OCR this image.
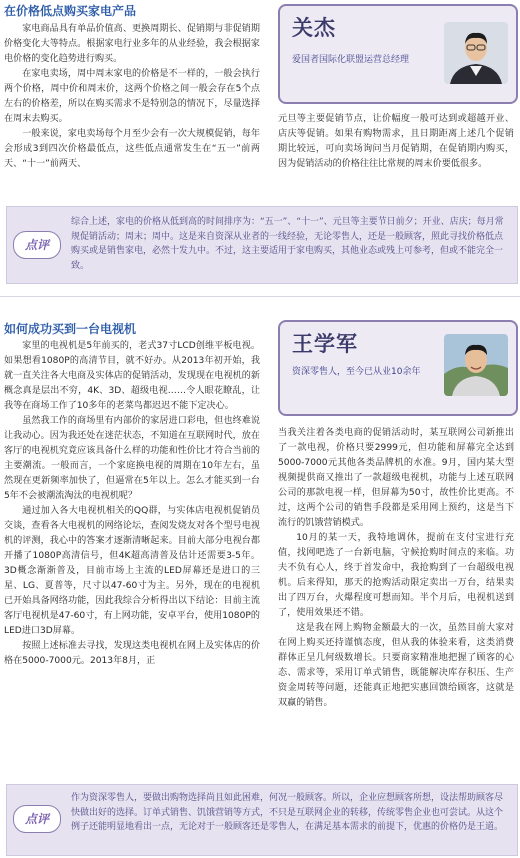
在价格低点购买家电产品

家电商品具有单品价值高、更换周期长、促销期与非促销期价格变化大等特点。根据家电行业多年的从业经验，我会根据家电价格的变化趋势进行购买。

在家电卖场，周中周末家电的价格是不一样的，一般会执行两个价格，周中价和周末价，这两个价格之间一般会存在5个点左右的价格差，所以在购买需求不是特别急的情况下，尽量选择在周末去购买。

一般来说，家电卖场每个月至少会有一次大规模促销，每年会形成3到四次价格最低点，这些低点通常发生在“五一”前两天、“十一”前两天、

关杰
爱国者国际化联盟运营总经理

元旦等主要促销节点，让价幅度一般可达到或超越开业、店庆等促销。如果有购物需求，且日期距离上述几个促销期比较远，可向卖场询问当月促销期，在促销期内购买，因为促销活动的价格往往比常规的周末价要低很多。

点评
综合上述，家电的价格从低到高的时间排序为：“五一”、“十一”、元旦等主要节日前夕；开业、店庆；每月常规促销活动；周末；周中。这是来自资深从业者的一线经验，无论零售人，还是一般顾客，照此寻找价格低点购买或是销售家电，必然十发九中。不过，这主要适用于家电购买，其他业态或残上可参考，但或不能完全一致。
如何成功买到一台电视机

家里的电视机是5年前买的，老式37寸LCD创维平板电视。如果想看1080P的高清节目，就不好办。从2013年初开始，我就一直关注各大电商及实体店的促销活动，发现现在电视机的新概念真是层出不穷，4K、3D、超级电视……令人眼花瞭乱，让我等在商场工作了10多年的老菜鸟都迟迟不能下定决心。

虽然我工作的商场里有内部价的家居进口彩电，但也终难说让我动心。因为我还处在迷茫状态，不知道在互联网时代，放在客厅的电视机究竟应该具备什么样的功能和性价比才符合当前的主要潮流。一般而言，一个家庭换电视的周期在10年左右，虽然现在更新频率加快了，但逼常在5年以上。怎么才能买到一台5年不会被潮流淘汰的电视机呢？

通过加入各大电视机相关的QQ群，与实体店电视机促销员交谈，查看各大电视机的网络论坛，查阅发烧友对各个型号电视机的评测，我心中的答案才逐渐清晰起来。目前大部分电视台都开播了1080P高清信号，但4K超高清普及估计还需要3-5年。3D概念渐渐普及，目前市场上主流的LED屏幕还是进口的三星、LG、夏普等，尺寸以47-60寸为主。另外，现在的电视机已开始具备网络功能，因此我综合分析得出以下结论：目前主流客厅电视机是47-60寸，有上网功能，安卓平台，使用1080P的LED进口3D屏幕。

按照上述标准去寻找，发现这类电视机在网上及实体店的价格在5000-7000元。2013年8月，正

王学军
资深零售人，至今已从业10余年

当我关注着各类电商的促销活动时，某互联网公司新推出了一款电视，价格只要2999元，但功能和屏幕完全达到5000-7000元其他各类品牌机的水准。9月，国内某大型视频提供商又推出了一款超级电视机，功能与上述互联网公司的那款电视一样，但屏幕为50寸，故性价比更高。不过，这两个公司的销售手段都是采用网上预约，这是当下流行的饥饿营销模式。

10月的某一天，我特地调休，提前在支付宝进行充值，找网吧选了一台新电脑，守候抢购时间点的来临。功夫不负有心人，终于首发命中，我抢购到了一台超级电视机。后来得知，那天的抢购活动限定卖出一万台，结果卖出了四万台，火爆程度可想而知。半个月后，电视机送到了，使用效果还不错。

这是我在网上购物金额最大的一次，虽然目前大家对在网上购买还持谨慎态度，但从我的体验来看，这类消费群体正呈几何级数增长。只要商家精准地把握了顾客的心态、需求等，采用订单式销售，既能解决库存积压、生产资金周转等问题，还能真正地把实惠回馈给顾客，这就是双赢的销售。

点评
作为资深零售人，要做出购物选择尚且如此困难，何况一般顾客。所以，企业应想顾客所想，设法帮助顾客尽快做出好的选择。订单式销售、饥饿营销等方式，不只是互联网企业的转移，传统零售企业也可尝试。从这个例子还能明显地看出一点，无论对于一般顾客还是零售人，在满足基本需求的前提下，优惠的价格仍是王道。
